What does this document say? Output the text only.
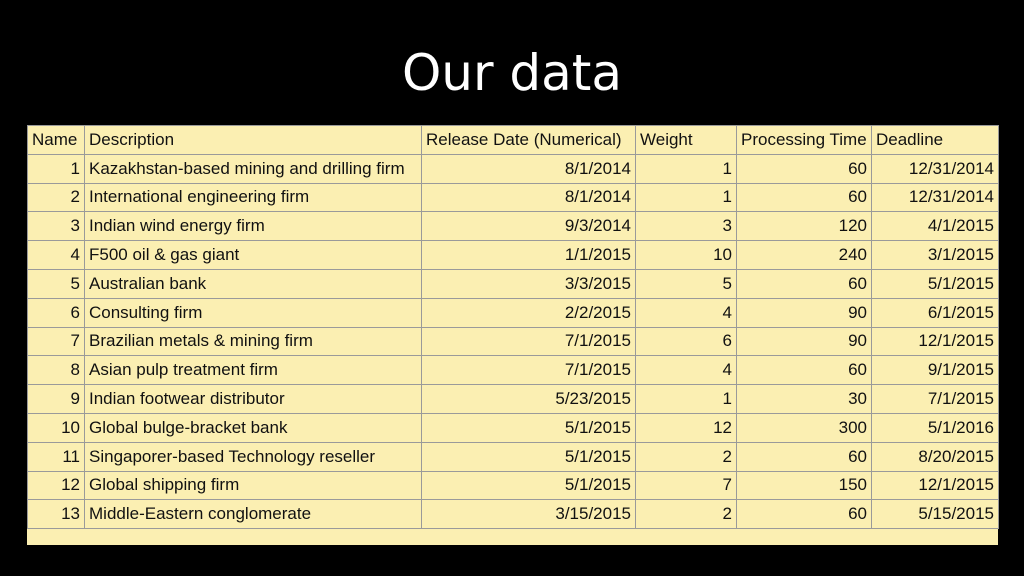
Our data
Name	Description	Release Date (Numerical)	Weight	Processing Time	Deadline
1	Kazakhstan-based mining and drilling firm	8/1/2014	1	60	12/31/2014
2	International engineering firm	8/1/2014	1	60	12/31/2014
3	Indian wind energy firm	9/3/2014	3	120	4/1/2015
4	F500 oil & gas giant	1/1/2015	10	240	3/1/2015
5	Australian bank	3/3/2015	5	60	5/1/2015
6	Consulting firm	2/2/2015	4	90	6/1/2015
7	Brazilian metals & mining firm	7/1/2015	6	90	12/1/2015
8	Asian pulp treatment firm	7/1/2015	4	60	9/1/2015
9	Indian footwear distributor	5/23/2015	1	30	7/1/2015
10	Global bulge-bracket bank	5/1/2015	12	300	5/1/2016
11	Singaporer-based Technology reseller	5/1/2015	2	60	8/20/2015
12	Global shipping firm	5/1/2015	7	150	12/1/2015
13	Middle-Eastern conglomerate	3/15/2015	2	60	5/15/2015
